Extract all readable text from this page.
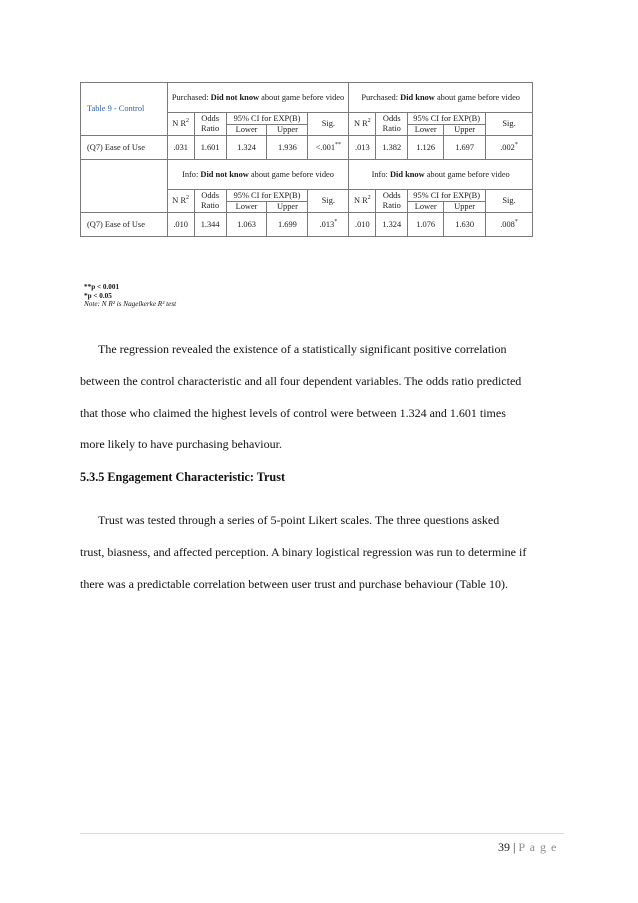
Table 9 - Control	Purchased: Did not know about game before video					Purchased: Did know about game before video				
	N $R^2$	Odds Ratio	95% CI for EXP(B)		Sig.	N $R^2$	Odds Ratio	95% CI for EXP(B)		Sig.
			Lower	Upper				Lower	Upper	
(Q7) Ease of Use	.031	1.601	1.324	1.936	<.001**	.013	1.382	1.126	1.697	.002*
	Info: Did not know about game before video					Info: Did know about game before video				
	N $R^2$	Odds Ratio	95% CI for EXP(B)		Sig.	N $R^2$	Odds Ratio	95% CI for EXP(B)		Sig.
			Lower	Upper				Lower	Upper	
(Q7) Ease of Use	.010	1.344	1.063	1.699	.013*	.010	1.324	1.076	1.630	.008*
**p < 0.001
*p < 0.05
Note: N R² is Nagelkerke R² test
The regression revealed the existence of a statistically significant positive correlation
between the control characteristic and all four dependent variables. The odds ratio predicted
that those who claimed the highest levels of control were between 1.324 and 1.601 times
more likely to have purchasing behaviour.
5.3.5 Engagement Characteristic: Trust
Trust was tested through a series of 5-point Likert scales. The three questions asked
trust, biasness, and affected perception. A binary logistical regression was run to determine if
there was a predictable correlation between user trust and purchase behaviour (Table 10).
39 | P a g e
